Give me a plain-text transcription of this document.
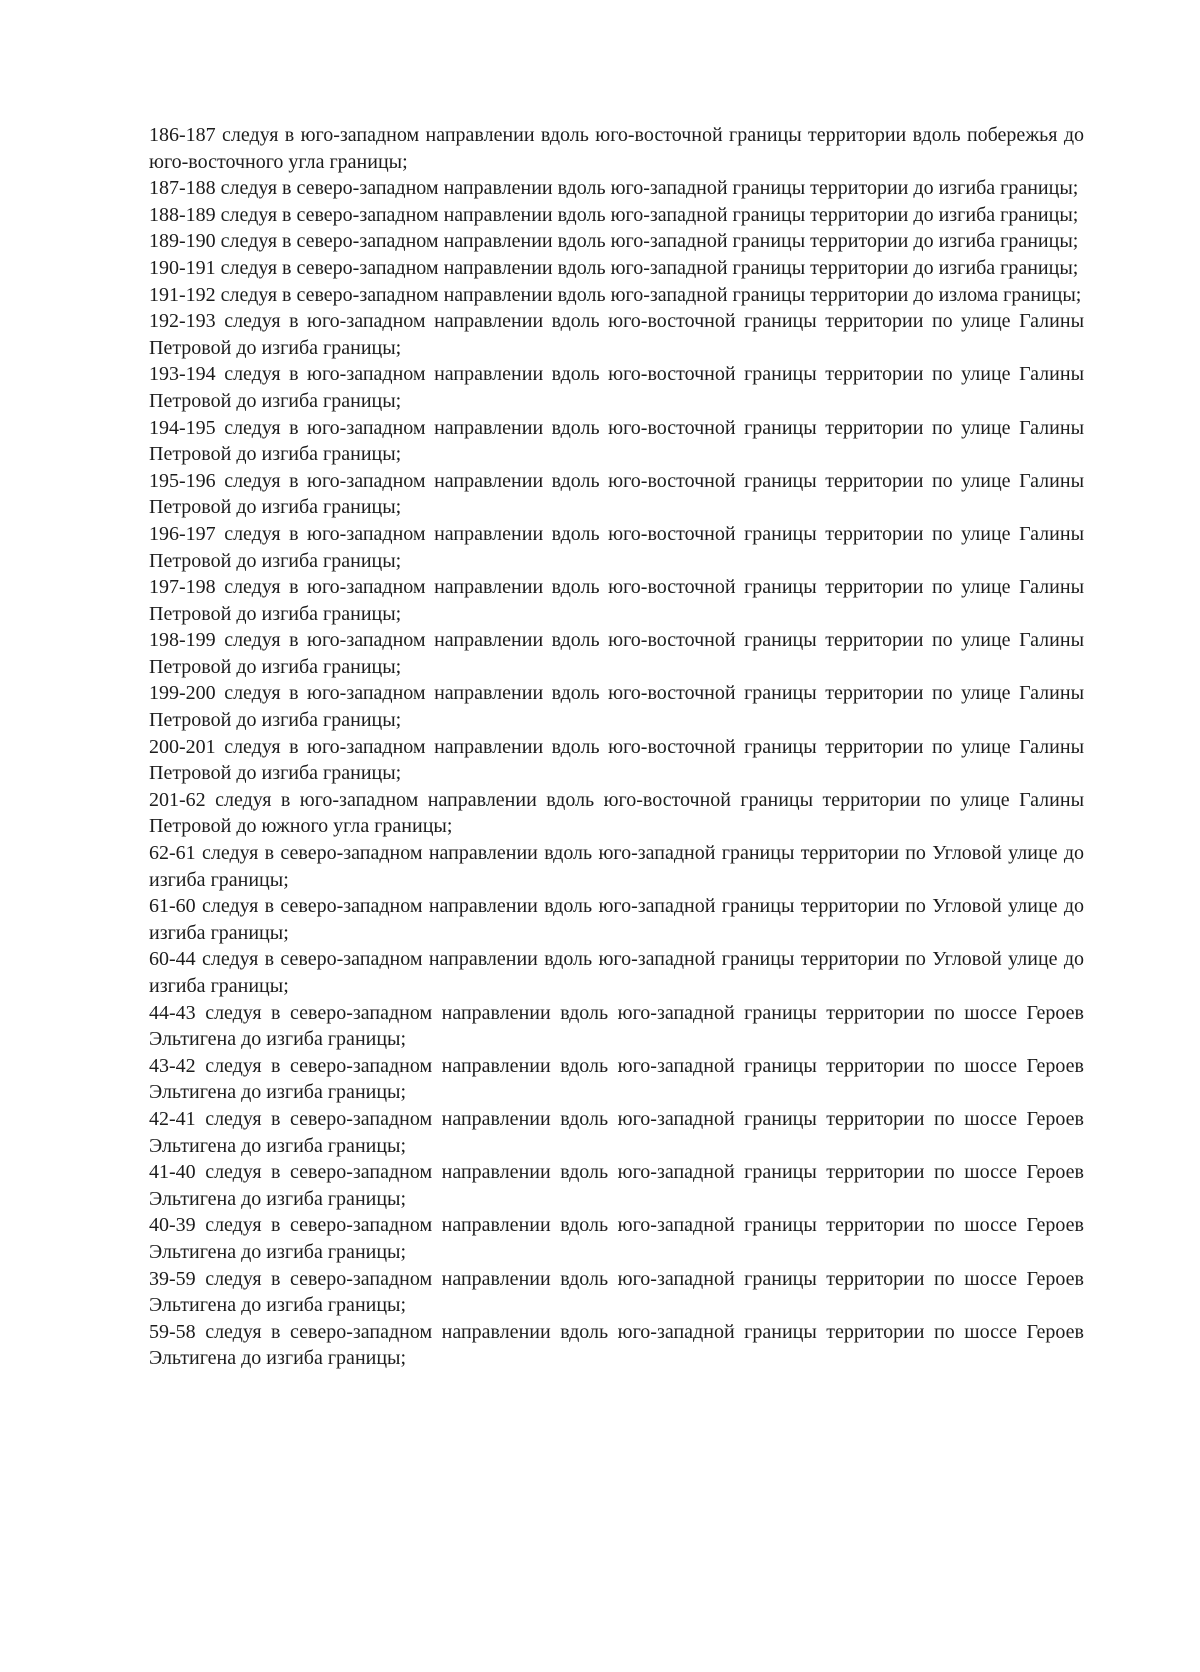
186-187 следуя в юго-западном направлении вдоль юго-восточной границы территории вдоль побережья до юго-восточного угла границы;

187-188 следуя в северо-западном направлении вдоль юго-западной границы территории до изгиба границы;

188-189 следуя в северо-западном направлении вдоль юго-западной границы территории до изгиба границы;

189-190 следуя в северо-западном направлении вдоль юго-западной границы территории до изгиба границы;

190-191 следуя в северо-западном направлении вдоль юго-западной границы территории до изгиба границы;

191-192 следуя в северо-западном направлении вдоль юго-западной границы территории до излома границы;

192-193 следуя в юго-западном направлении вдоль юго-восточной границы территории по улице Галины Петровой до изгиба границы;

193-194 следуя в юго-западном направлении вдоль юго-восточной границы территории по улице Галины Петровой до изгиба границы;

194-195 следуя в юго-западном направлении вдоль юго-восточной границы территории по улице Галины Петровой до изгиба границы;

195-196 следуя в юго-западном направлении вдоль юго-восточной границы территории по улице Галины Петровой до изгиба границы;

196-197 следуя в юго-западном направлении вдоль юго-восточной границы территории по улице Галины Петровой до изгиба границы;

197-198 следуя в юго-западном направлении вдоль юго-восточной границы территории по улице Галины Петровой до изгиба границы;

198-199 следуя в юго-западном направлении вдоль юго-восточной границы территории по улице Галины Петровой до изгиба границы;

199-200 следуя в юго-западном направлении вдоль юго-восточной границы территории по улице Галины Петровой до изгиба границы;

200-201 следуя в юго-западном направлении вдоль юго-восточной границы территории по улице Галины Петровой до изгиба границы;

201-62 следуя в юго-западном направлении вдоль юго-восточной границы территории по улице Галины Петровой до южного угла границы;

62-61 следуя в северо-западном направлении вдоль юго-западной границы территории по Угловой улице до изгиба границы;

61-60 следуя в северо-западном направлении вдоль юго-западной границы территории по Угловой улице до изгиба границы;

60-44 следуя в северо-западном направлении вдоль юго-западной границы территории по Угловой улице до изгиба границы;

44-43 следуя в северо-западном направлении вдоль юго-западной границы территории по шоссе Героев Эльтигена до изгиба границы;

43-42 следуя в северо-западном направлении вдоль юго-западной границы территории по шоссе Героев Эльтигена до изгиба границы;

42-41 следуя в северо-западном направлении вдоль юго-западной границы территории по шоссе Героев Эльтигена до изгиба границы;

41-40 следуя в северо-западном направлении вдоль юго-западной границы территории по шоссе Героев Эльтигена до изгиба границы;

40-39 следуя в северо-западном направлении вдоль юго-западной границы территории по шоссе Героев Эльтигена до изгиба границы;

39-59 следуя в северо-западном направлении вдоль юго-западной границы территории по шоссе Героев Эльтигена до изгиба границы;

59-58 следуя в северо-западном направлении вдоль юго-западной границы территории по шоссе Героев Эльтигена до изгиба границы;
